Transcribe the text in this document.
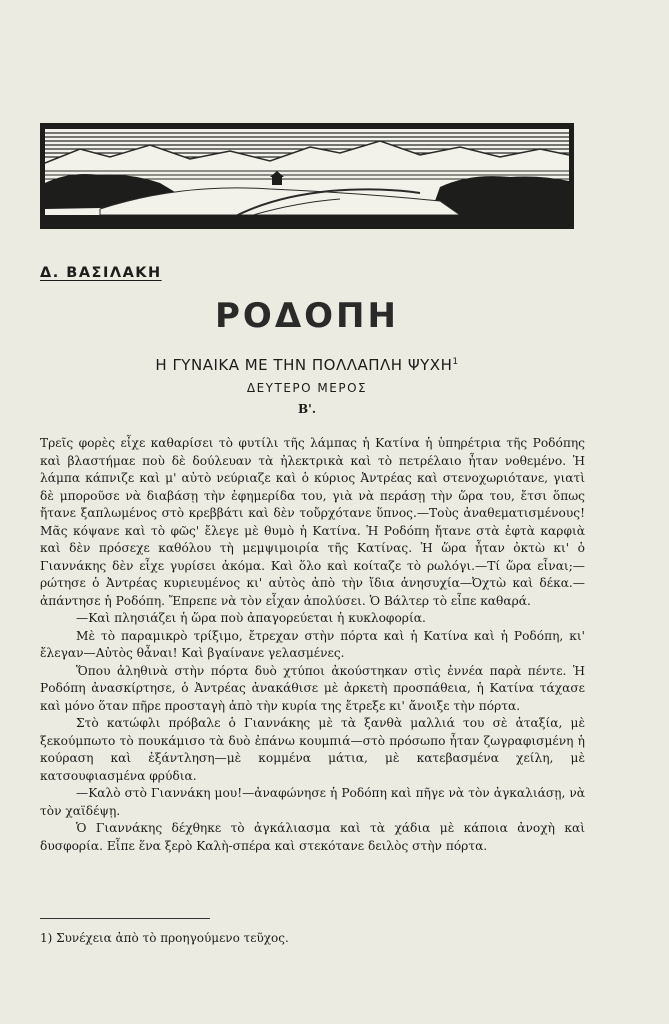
Δ. ΒΑΣΙΛΑΚΗ
ΡΟΔΟΠΗ
Η ΓΥΝΑΙΚΑ ΜΕ ΤΗΝ ΠΟΛΛΑΠΛΗ ΨΥΧΗ$^1$
ΔΕΥΤΕΡΟ ΜΕΡΟΣ
Β'.

Τρεῖς φορὲς εἶχε καθαρίσει τὸ φυτίλι τῆς λάμπας ἡ Κατίνα ἡ ὑπηρέτρια τῆς Ροδόπης καὶ βλαστήμαε ποὺ δὲ δούλευαν τὰ ἠλεκτρικὰ καὶ τὸ πετρέλαιο ἦταν νοθεμένο. Ἡ λάμπα κάπνιζε καὶ μ' αὐτὸ νεύριαζε καὶ ὁ κύριος Ἀντρέας καὶ στενοχωριότανε, γιατὶ δὲ μποροῦσε νὰ διαβάσῃ τὴν ἐφημερίδα του, γιὰ νὰ περάσῃ τὴν ὥρα του, ἔτσι ὅπως ἤτανε ξαπλωμένος στὸ κρεββάτι καὶ δὲν τοὔρχότανε ὕπνος.—Τοὺς ἀναθεματισμένους! Μᾶς κόψανε καὶ τὸ φῶς' ἔλεγε μὲ θυμὸ ἡ Κατίνα. Ἡ Ροδόπη ἤτανε στὰ ἑφτὰ καρφιὰ καὶ δὲν πρόσεχε καθόλου τὴ μεμψιμοιρία τῆς Κατίνας. Ἡ ὥρα ἦταν ὀκτὼ κι' ὁ Γιαννάκης δὲν εἶχε γυρίσει ἀκόμα. Καὶ ὅλο καὶ κοίταζε τὸ ρωλόγι.—Τί ὥρα εἶναι;—ρώτησε ὁ Ἀντρέας κυριευμένος κι' αὐτὸς ἀπὸ τὴν ἴδια ἀνησυχία—Ὀχτὼ καὶ δέκα.—ἀπάντησε ἡ Ροδόπη. Ἔπρεπε νὰ τὸν εἶχαν ἀπολύσει. Ὁ Βάλτερ τὸ εἶπε καθαρά.

—Καὶ πλησιάζει ἡ ὥρα ποὺ ἀπαγορεύεται ἡ κυκλοφορία.

Μὲ τὸ παραμικρὸ τρίξιμο, ἔτρεχαν στὴν πόρτα καὶ ἡ Κατίνα καὶ ἡ Ροδόπη, κι' ἔλεγαν—Αὐτὸς θἆναι! Καὶ βγαίνανε γελασμένες.

Ὅπου ἀληθινὰ στὴν πόρτα δυὸ χτύποι ἀκούστηκαν στὶς ἐννέα παρὰ πέντε. Ἡ Ροδόπη ἀνασκίρτησε, ὁ Ἀντρέας ἀνακάθισε μὲ ἀρκετὴ προσπάθεια, ἡ Κατίνα τάχασε καὶ μόνο ὅταν πῆρε προσταγὴ ἀπὸ τὴν κυρία της ἔτρεξε κι' ἄνοιξε τὴν πόρτα.

Στὸ κατώφλι πρόβαλε ὁ Γιαννάκης μὲ τὰ ξανθὰ μαλλιά του σὲ ἀταξία, μὲ ξεκούμπωτο τὸ πουκάμισο τὰ δυὸ ἐπάνω κουμπιά—στὸ πρόσωπο ἦταν ζωγραφισμένη ἡ κούραση καὶ ἐξάντληση—μὲ κομμένα μάτια, μὲ κατεβασμένα χείλη, μὲ κατσουφιασμένα φρύδια.

—Καλὸ στὸ Γιαννάκη μου!—ἀναφώνησε ἡ Ροδόπη καὶ πῆγε νὰ τὸν ἀγκαλιάσῃ, νὰ τὸν χαϊδέψῃ.

Ὁ Γιαννάκης δέχθηκε τὸ ἀγκάλιασμα καὶ τὰ χάδια μὲ κάποια ἀνοχὴ καὶ δυσφορία. Εἶπε ἕνα ξερὸ Καλὴ-σπέρα καὶ στεκότανε δειλὸς στὴν πόρτα.

1) Συνέχεια ἀπὸ τὸ προηγούμενο τεῦχος.
